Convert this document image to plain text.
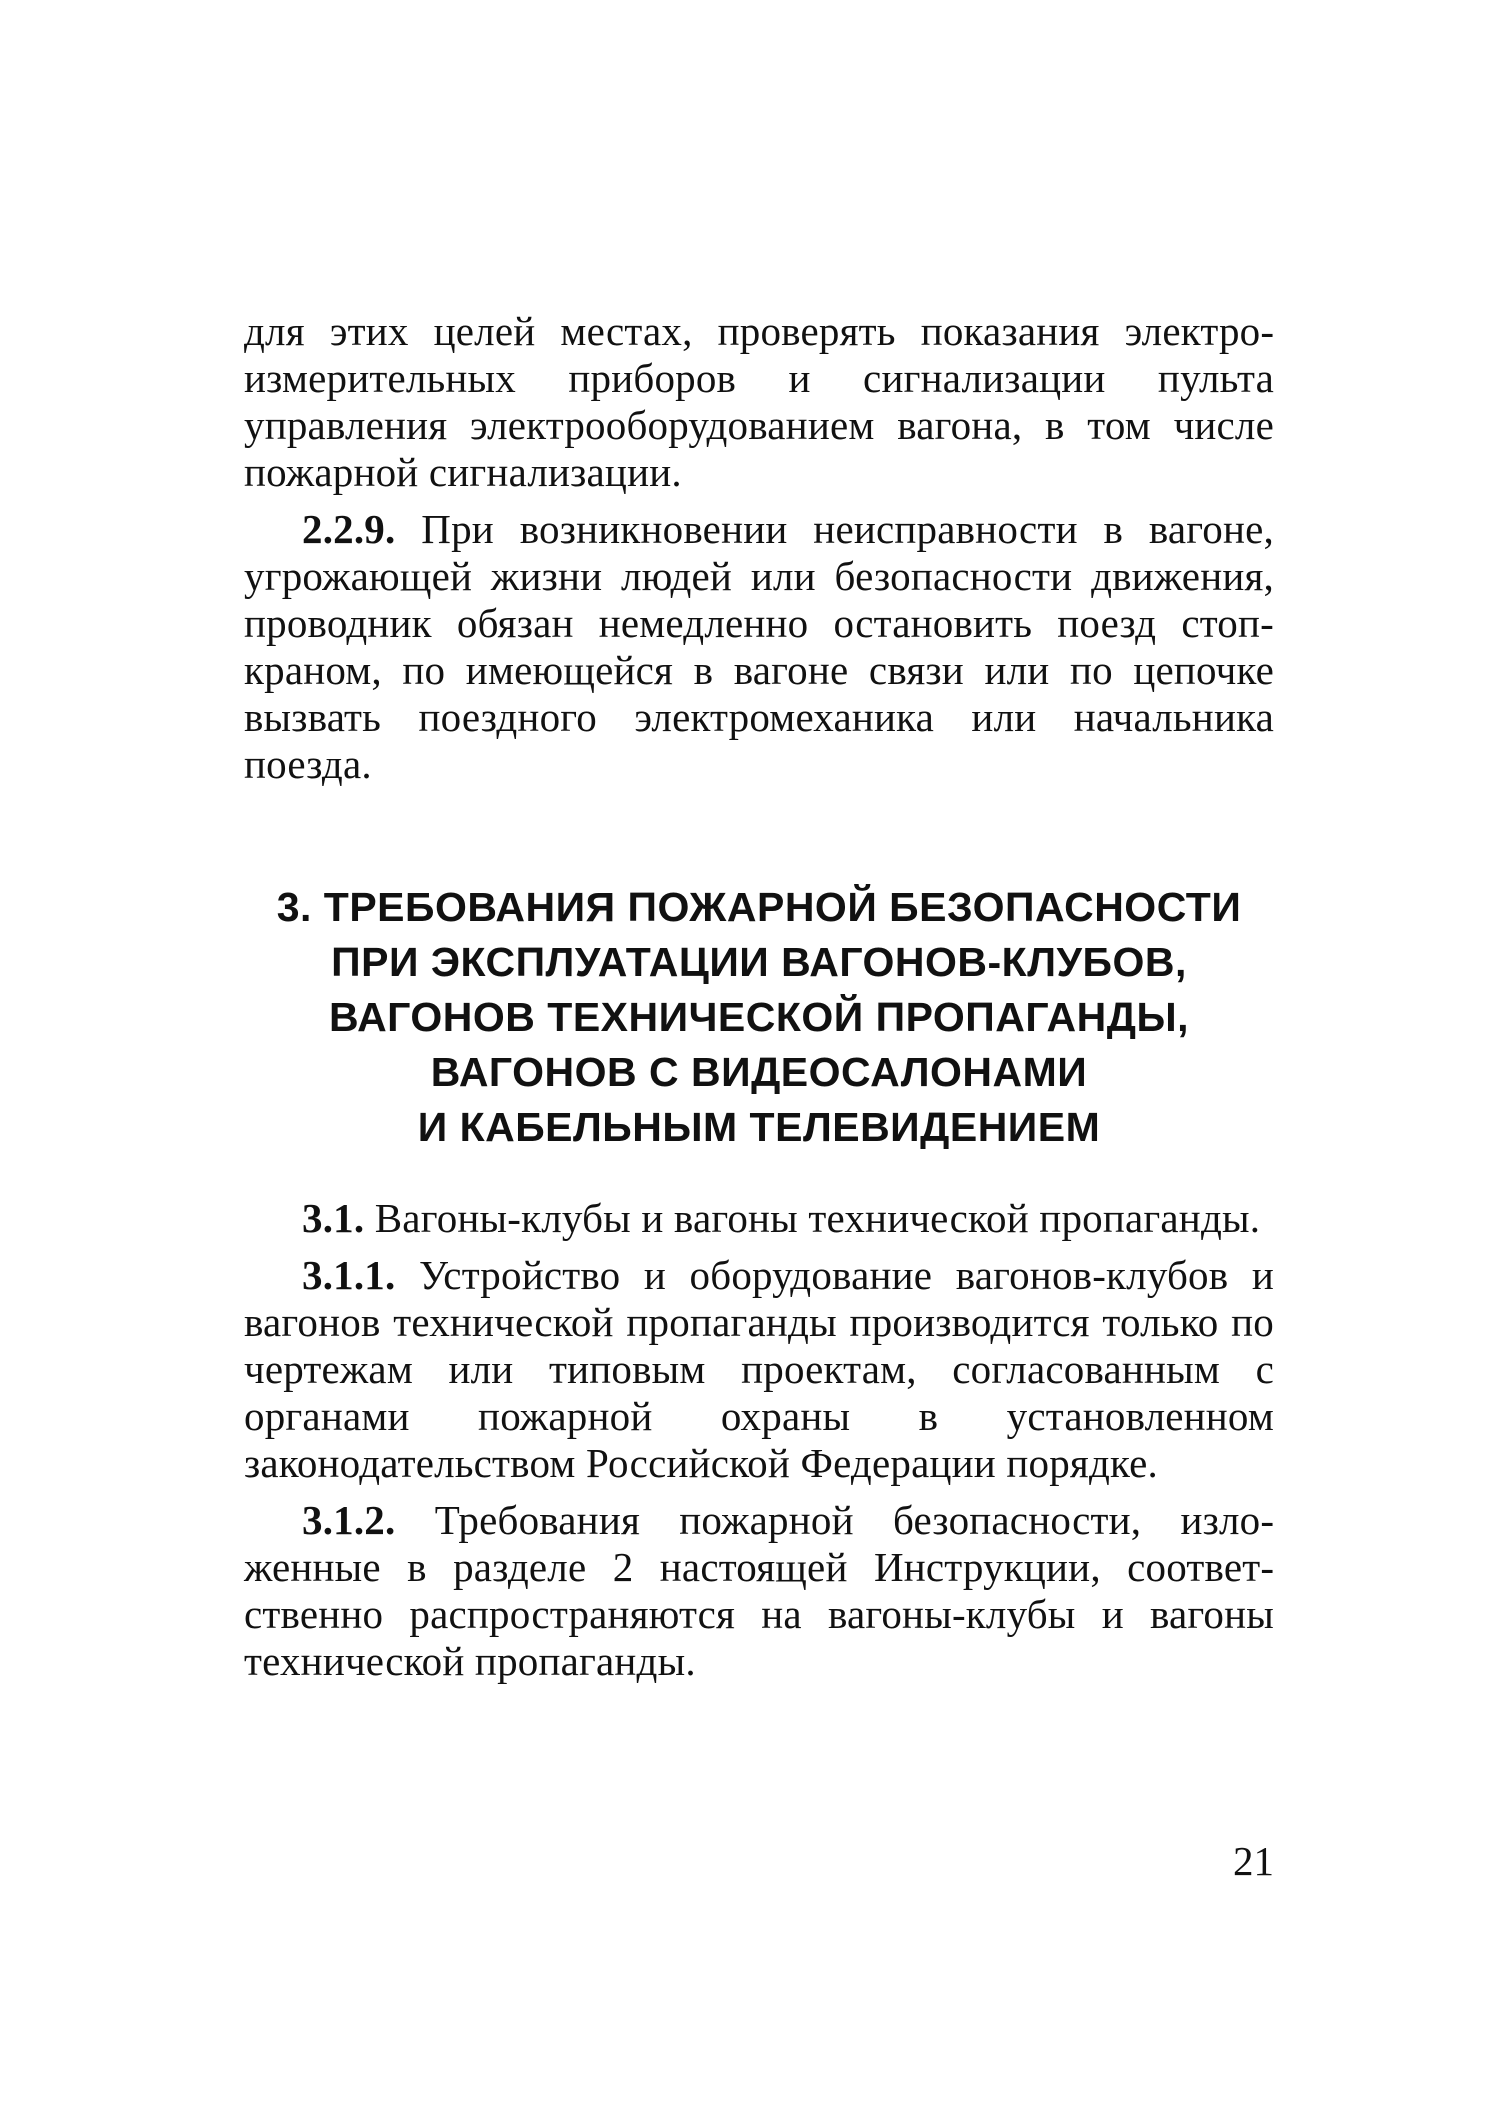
для этих целей местах, проверять показания электроизмерительных приборов и сигнализации пульта управления электрооборудованием вагона, в том числе пожарной сигнализации.

2.2.9. При возникновении неисправности в вагоне, угрожающей жизни людей или безопасности движения, проводник обязан немедленно остановить поезд стоп-краном, по имеющейся в вагоне связи или по цепочке вызвать поездного электромеханика или начальника поезда.

3. ТРЕБОВАНИЯ ПОЖАРНОЙ БЕЗОПАСНОСТИ
ПРИ ЭКСПЛУАТАЦИИ ВАГОНОВ-КЛУБОВ,
ВАГОНОВ ТЕХНИЧЕСКОЙ ПРОПАГАНДЫ,
ВАГОНОВ С ВИДЕОСАЛОНАМИ
И КАБЕЛЬНЫМ ТЕЛЕВИДЕНИЕМ

3.1. Вагоны-клубы и вагоны технической пропаганды.

3.1.1. Устройство и оборудование вагонов-клубов и вагонов технической пропаганды производится только по чертежам или типовым проектам, согласованным с органами пожарной охраны в установленном законодательством Российской Федерации порядке.

3.1.2. Требования пожарной безопасности, изложенные в разделе 2 настоящей Инструкции, соответственно распространяются на вагоны-клубы и вагоны технической пропаганды.

21
